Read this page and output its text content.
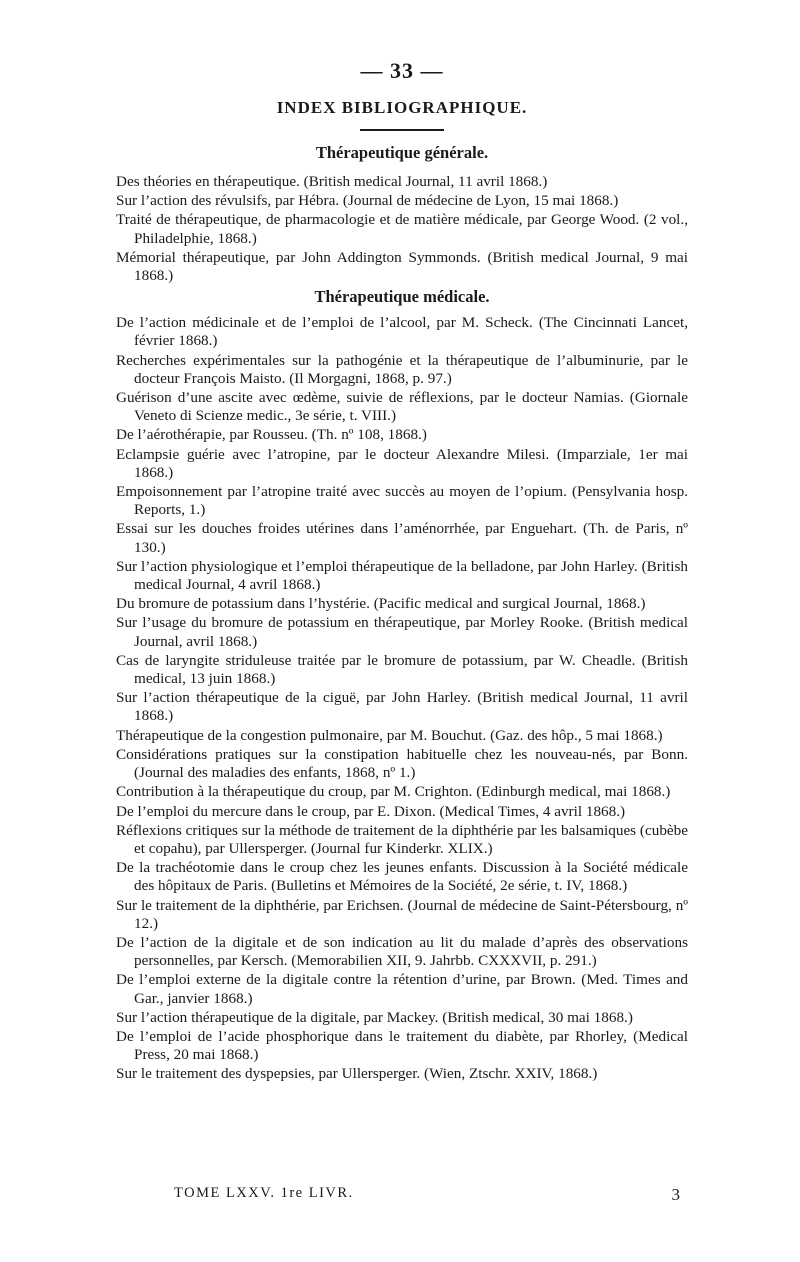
— 33 —
INDEX BIBLIOGRAPHIQUE.
Thérapeutique générale.
Des théories en thérapeutique. (British medical Journal, 11 avril 1868.)
Sur l’action des révulsifs, par Hébra. (Journal de médecine de Lyon, 15 mai 1868.)
Traité de thérapeutique, de pharmacologie et de matière médicale, par George Wood. (2 vol., Philadelphie, 1868.)
Mémorial thérapeutique, par John Addington Symmonds. (British medical Journal, 9 mai 1868.)
Thérapeutique médicale.
De l’action médicinale et de l’emploi de l’alcool, par M. Scheck. (The Cincinnati Lancet, février 1868.)
Recherches expérimentales sur la pathogénie et la thérapeutique de l’albuminurie, par le docteur François Maisto. (Il Morgagni, 1868, p. 97.)
Guérison d’une ascite avec œdème, suivie de réflexions, par le docteur Namias. (Giornale Veneto di Scienze medic., 3e série, t. VIII.)
De l’aérothérapie, par Rousseu. (Th. nº 108, 1868.)
Eclampsie guérie avec l’atropine, par le docteur Alexandre Milesi. (Imparziale, 1er mai 1868.)
Empoisonnement par l’atropine traité avec succès au moyen de l’opium. (Pensylvania hosp. Reports, 1.)
Essai sur les douches froides utérines dans l’aménorrhée, par Enguehart. (Th. de Paris, nº 130.)
Sur l’action physiologique et l’emploi thérapeutique de la belladone, par John Harley. (British medical Journal, 4 avril 1868.)
Du bromure de potassium dans l’hystérie. (Pacific medical and surgical Journal, 1868.)
Sur l’usage du bromure de potassium en thérapeutique, par Morley Rooke. (British medical Journal, avril 1868.)
Cas de laryngite striduleuse traitée par le bromure de potassium, par W. Cheadle. (British medical, 13 juin 1868.)
Sur l’action thérapeutique de la ciguë, par John Harley. (British medical Journal, 11 avril 1868.)
Thérapeutique de la congestion pulmonaire, par M. Bouchut. (Gaz. des hôp., 5 mai 1868.)
Considérations pratiques sur la constipation habituelle chez les nouveau-nés, par Bonn. (Journal des maladies des enfants, 1868, nº 1.)
Contribution à la thérapeutique du croup, par M. Crighton. (Edinburgh medical, mai 1868.)
De l’emploi du mercure dans le croup, par E. Dixon. (Medical Times, 4 avril 1868.)
Réflexions critiques sur la méthode de traitement de la diphthérie par les balsamiques (cubèbe et copahu), par Ullersperger. (Journal fur Kinderkr. XLIX.)
De la trachéotomie dans le croup chez les jeunes enfants. Discussion à la Société médicale des hôpitaux de Paris. (Bulletins et Mémoires de la Société, 2e série, t. IV, 1868.)
Sur le traitement de la diphthérie, par Erichsen. (Journal de médecine de Saint-Pétersbourg, nº 12.)
De l’action de la digitale et de son indication au lit du malade d’après des observations personnelles, par Kersch. (Memorabilien XII, 9. Jahrbb. CXXXVII, p. 291.)
De l’emploi externe de la digitale contre la rétention d’urine, par Brown. (Med. Times and Gar., janvier 1868.)
Sur l’action thérapeutique de la digitale, par Mackey. (British medical, 30 mai 1868.)
De l’emploi de l’acide phosphorique dans le traitement du diabète, par Rhorley, (Medical Press, 20 mai 1868.)
Sur le traitement des dyspepsies, par Ullersperger. (Wien, Ztschr. XXIV, 1868.)
TOME LXXV. 1re LIVR.	3
